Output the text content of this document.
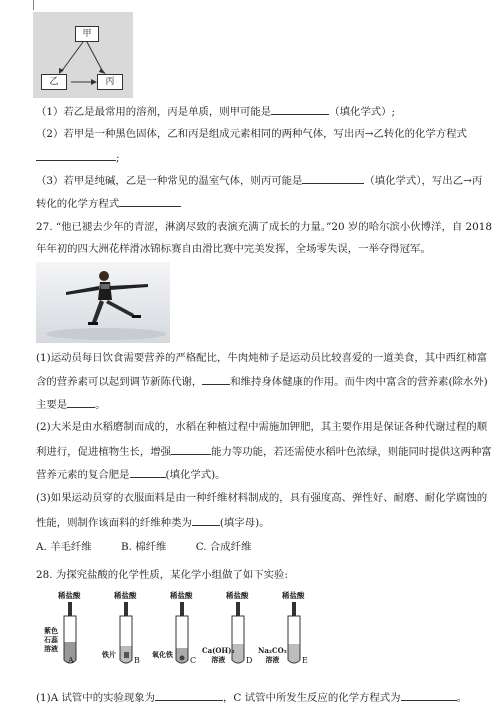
甲
乙	丙
（1）若乙是最常用的溶剂，丙是单质，则甲可能是	（填化学式）;
（2）若甲是一种黑色固体，乙和丙是组成元素相同的两种气体，写出丙→乙转化的化学方程式
;
（3）若甲是纯碱，乙是一种常见的温室气体，则丙可能是	（填化学式），写出乙→丙
转化的化学方程式
27. “他已褪去少年的青涩，淋漓尽致的表演充满了成长的力量。”20 岁的哈尔滨小伙博洋，自 2018
年年初的四大洲花样滑冰锦标赛自由滑比赛中完美发挥，全场零失误，一举夺得冠军。
(1)运动员每日饮食需要营养的严格配比，牛肉炖柿子是运动员比较喜爱的一道美食，其中西红柿富
含的营养素可以起到调节新陈代谢，	和维持身体健康的作用。而牛肉中富含的营养素(除水外)
主要是	。
(2)大米是由水稻磨制而成的，水稻在种植过程中需施加钾肥，其主要作用是保证各种代谢过程的顺
利进行，促进植物生长，增强	能力等功能，若还需使水稻叶色浓绿，则能同时提供这两种富
营养元素的复合肥是	(填化学式)。
(3)如果运动员穿的衣服面料是由一种纤维材料制成的，具有强度高、弹性好、耐磨、耐化学腐蚀的
性能，则制作该面料的纤维种类为	(填字母)。
A. 羊毛纤维	B. 棉纤维	C. 合成纤维
28. 为探究盐酸的化学性质，某化学小组做了如下实验:
稀盐酸
紫色
石蕊
溶液
A
稀盐酸
铁片
B
稀盐酸
氧化铁
C
稀盐酸
Ca(OH)₂
溶液	D
稀盐酸
Na₂CO₃
溶液	E
(1)A 试管中的实验现象为	，C 试管中所发生反应的化学方程式为	。
